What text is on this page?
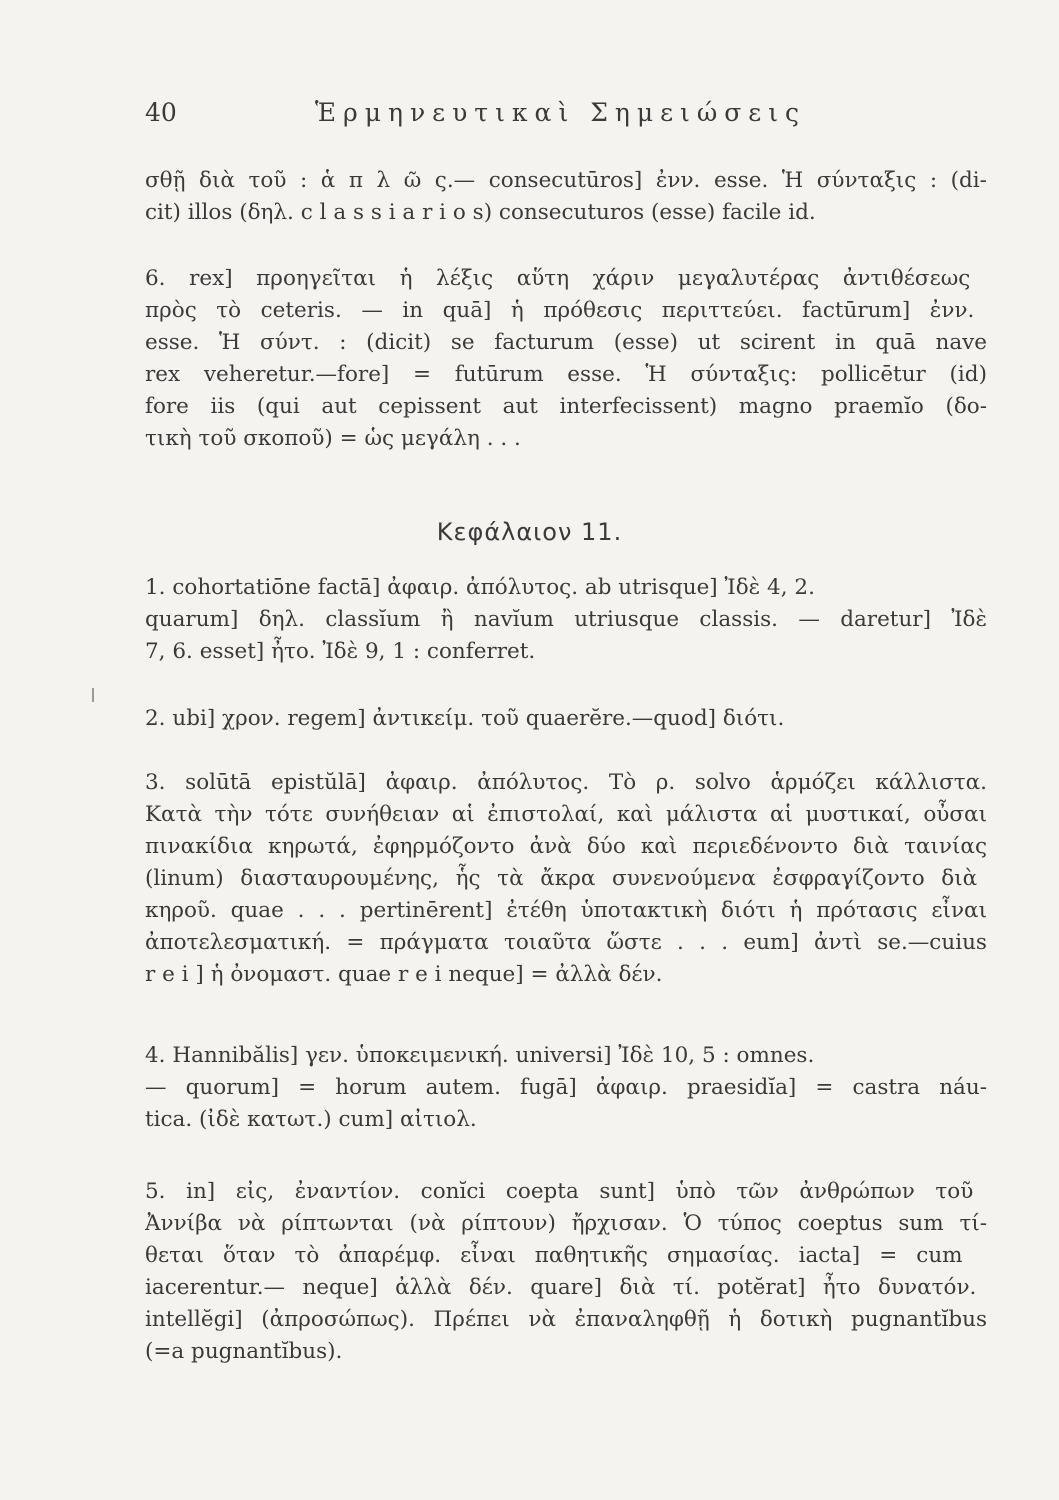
40	Ἑρμηνευτικαὶ Σημειώσεις
σθῇ διὰ τοῦ : ἁ π λ ῶ ς.— consecutūros] ἐνν. esse. Ἡ σύνταξις : (di-
cit) illos (δηλ. c l a s s i a r i o s) consecuturos (esse) facile id.
6. rex] προηγεῖται ἡ λέξις αὕτη χάριν μεγαλυτέρας ἀντιθέσεως
πρὸς τὸ ceteris. — in quā] ἡ πρόθεσις περιττεύει. factūrum] ἐνν.
esse. Ἡ σύντ. : (dicit) se facturum (esse) ut scirent in quā nave
rex veheretur.—fore] = futūrum esse. Ἡ σύνταξις: pollicētur (id)
fore iis (qui aut cepissent aut interfecissent) magno praemĭo (δο-
τικὴ τοῦ σκοποῦ) = ὡς μεγάλη . . .
Κεφάλαιον 11.
1. cohortatiōne factā] ἀφαιρ. ἀπόλυτος. ab utrisque] Ἰδὲ 4, 2.
quarum] δηλ. classĭum ἢ navĭum utriusque classis. — daretur] Ἰδὲ
7, 6. esset] ἦτο. Ἰδὲ 9, 1 : conferret.
2. ubi] χρον. regem] ἀντικείμ. τοῦ quaerĕre.—quod] διότι.
3. solūtā epistŭlā] ἀφαιρ. ἀπόλυτος. Τὸ ρ. solvo ἁρμόζει κάλλιστα.
Κατὰ τὴν τότε συνήθειαν αἱ ἐπιστολαί, καὶ μάλιστα αἱ μυστικαί, οὖσαι
πινακίδια κηρωτά, ἐφηρμόζοντο ἀνὰ δύο καὶ περιεδένοντο διὰ ταινίας
(linum) διασταυρουμένης, ἧς τὰ ἄκρα συνενούμενα ἐσφραγίζοντο διὰ
κηροῦ. quae . . . pertinērent] ἐτέθη ὑποτακτικὴ διότι ἡ πρότασις εἶναι
ἀποτελεσματική. = πράγματα τοιαῦτα ὥστε . . . eum] ἀντὶ se.—cuius
r e i ] ἡ ὀνομαστ. quae r e i neque] = ἀλλὰ δέν.
4. Hannibălis] γεν. ὑποκειμενική. universi] Ἰδὲ 10, 5 : omnes.
— quorum] = horum autem. fugā] ἀφαιρ. praesidĭa] = castra náu-
tica. (ἰδὲ κατωτ.) cum] αἰτιολ.
5. in] εἰς, ἐναντίον. conĭci coepta sunt] ὑπὸ τῶν ἀνθρώπων τοῦ
Ἀννίβα νὰ ρίπτωνται (νὰ ρίπτουν) ἤρχισαν. Ὁ τύπος coeptus sum τί-
θεται ὅταν τὸ ἀπαρέμφ. εἶναι παθητικῆς σημασίας. iacta] = cum
iacerentur.— neque] ἀλλὰ δέν. quare] διὰ τί. potĕrat] ἦτο δυνατόν.
intellĕgi] (ἀπροσώπως). Πρέπει νὰ ἐπαναληφθῇ ἡ δοτικὴ pugnantĭbus
(=a pugnantĭbus).
